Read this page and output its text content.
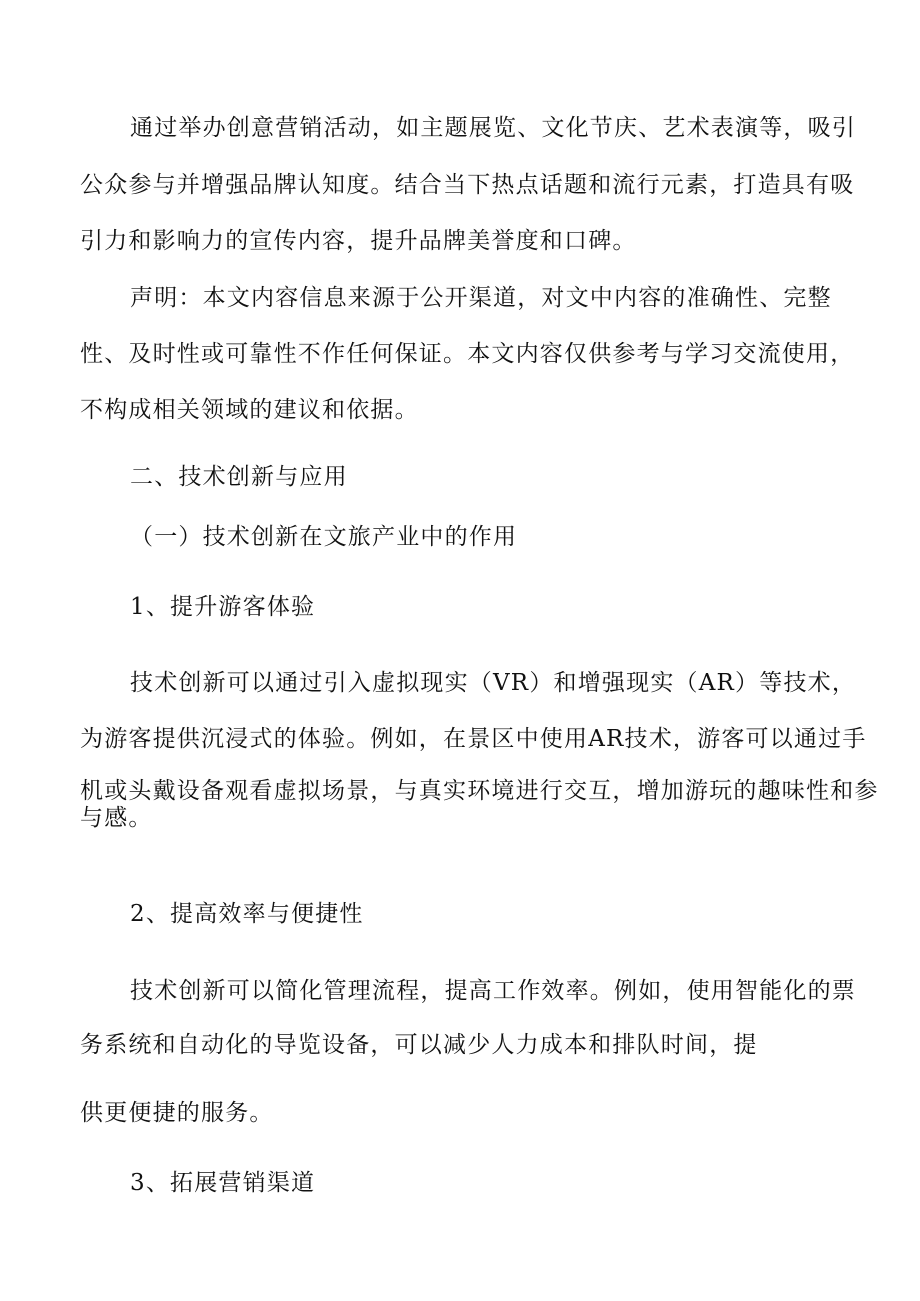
通过举办创意营销活动，如主题展览、文化节庆、艺术表演等，吸引

公众参与并增强品牌认知度。结合当下热点话题和流行元素，打造具有吸

引力和影响力的宣传内容，提升品牌美誉度和口碑。

声明：本文内容信息来源于公开渠道，对文中内容的准确性、完整

性、及时性或可靠性不作任何保证。本文内容仅供参考与学习交流使用，

不构成相关领域的建议和依据。

二、技术创新与应用

（一）技术创新在文旅产业中的作用

1、提升游客体验

技术创新可以通过引入虚拟现实（VR）和增强现实（AR）等技术，

为游客提供沉浸式的体验。例如，在景区中使用AR技术，游客可以通过手

机或头戴设备观看虚拟场景，与真实环境进行交互，增加游玩的趣味性和参

与感。

2、提高效率与便捷性

技术创新可以简化管理流程，提高工作效率。例如，使用智能化的票

务系统和自动化的导览设备，可以减少人力成本和排队时间，提

供更便捷的服务。

3、拓展营销渠道
